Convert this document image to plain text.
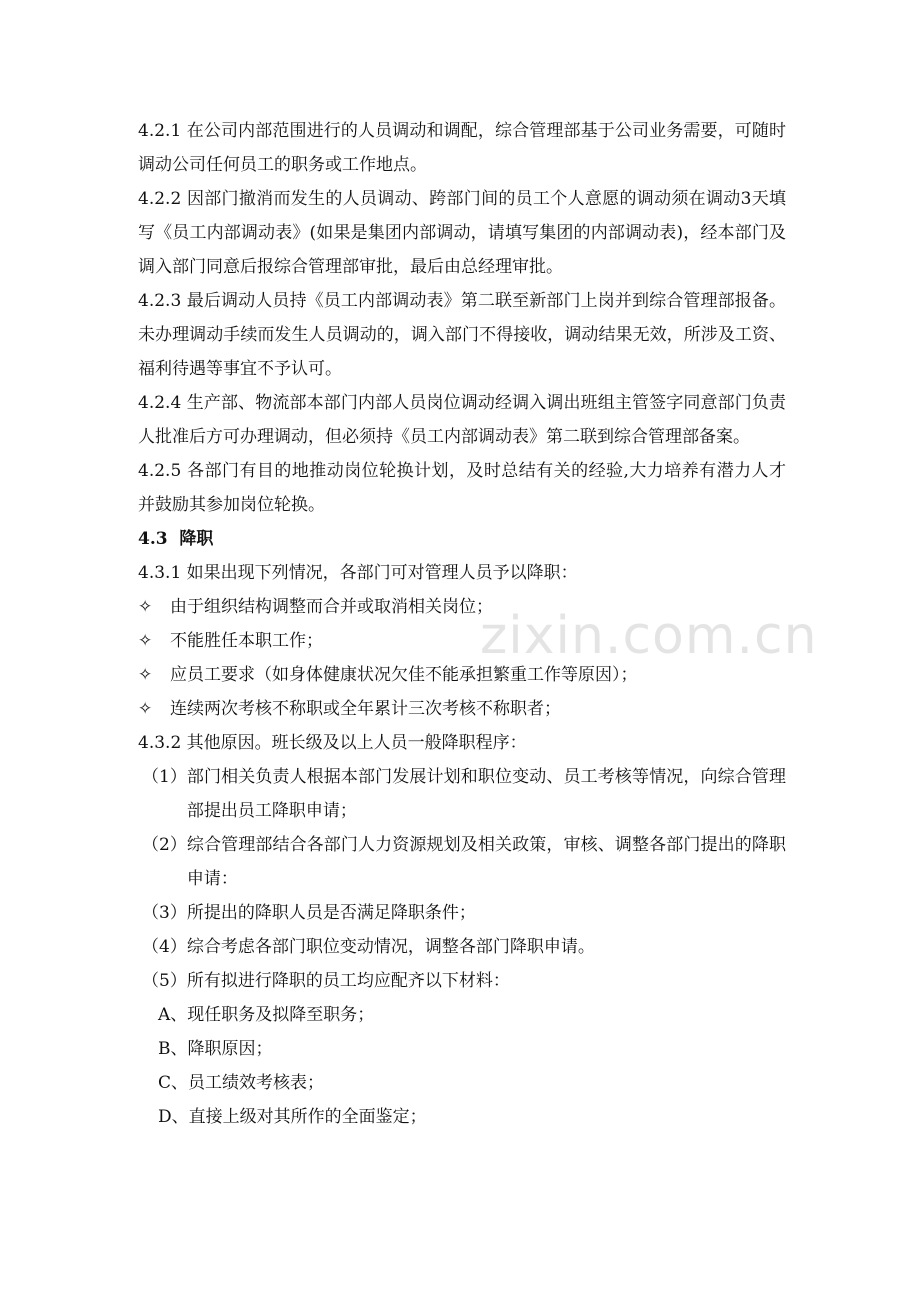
4.2.1 在公司内部范围进行的人员调动和调配，综合管理部基于公司业务需要，可随时调动公司任何员工的职务或工作地点。

4.2.2 因部门撤消而发生的人员调动、跨部门间的员工个人意愿的调动须在调动3天填写《员工内部调动表》(如果是集团内部调动，请填写集团的内部调动表)，经本部门及调入部门同意后报综合管理部审批，最后由总经理审批。

4.2.3 最后调动人员持《员工内部调动表》第二联至新部门上岗并到综合管理部报备。未办理调动手续而发生人员调动的，调入部门不得接收，调动结果无效，所涉及工资、福利待遇等事宜不予认可。

4.2.4 生产部、物流部本部门内部人员岗位调动经调入调出班组主管签字同意部门负责人批准后方可办理调动，但必须持《员工内部调动表》第二联到综合管理部备案。

4.2.5 各部门有目的地推动岗位轮换计划，及时总结有关的经验,大力培养有潜力人才并鼓励其参加岗位轮换。

4.3 降职

4.3.1 如果出现下列情况，各部门可对管理人员予以降职：

✧	由于组织结构调整而合并或取消相关岗位；
✧	不能胜任本职工作；
✧	应员工要求（如身体健康状况欠佳不能承担繁重工作等原因）；
✧	连续两次考核不称职或全年累计三次考核不称职者；

4.3.2 其他原因。班长级及以上人员一般降职程序：

（1） 部门相关负责人根据本部门发展计划和职位变动、员工考核等情况，向综合管理部提出员工降职申请；
（2） 综合管理部结合各部门人力资源规划及相关政策，审核、调整各部门提出的降职申请：
（3） 所提出的降职人员是否满足降职条件；
（4） 综合考虑各部门职位变动情况，调整各部门降职申请。
（5） 所有拟进行降职的员工均应配齐以下材料：

A、现任职务及拟降至职务；

B、降职原因；

C、员工绩效考核表；

D、直接上级对其所作的全面鉴定；

zixin.com.cn
